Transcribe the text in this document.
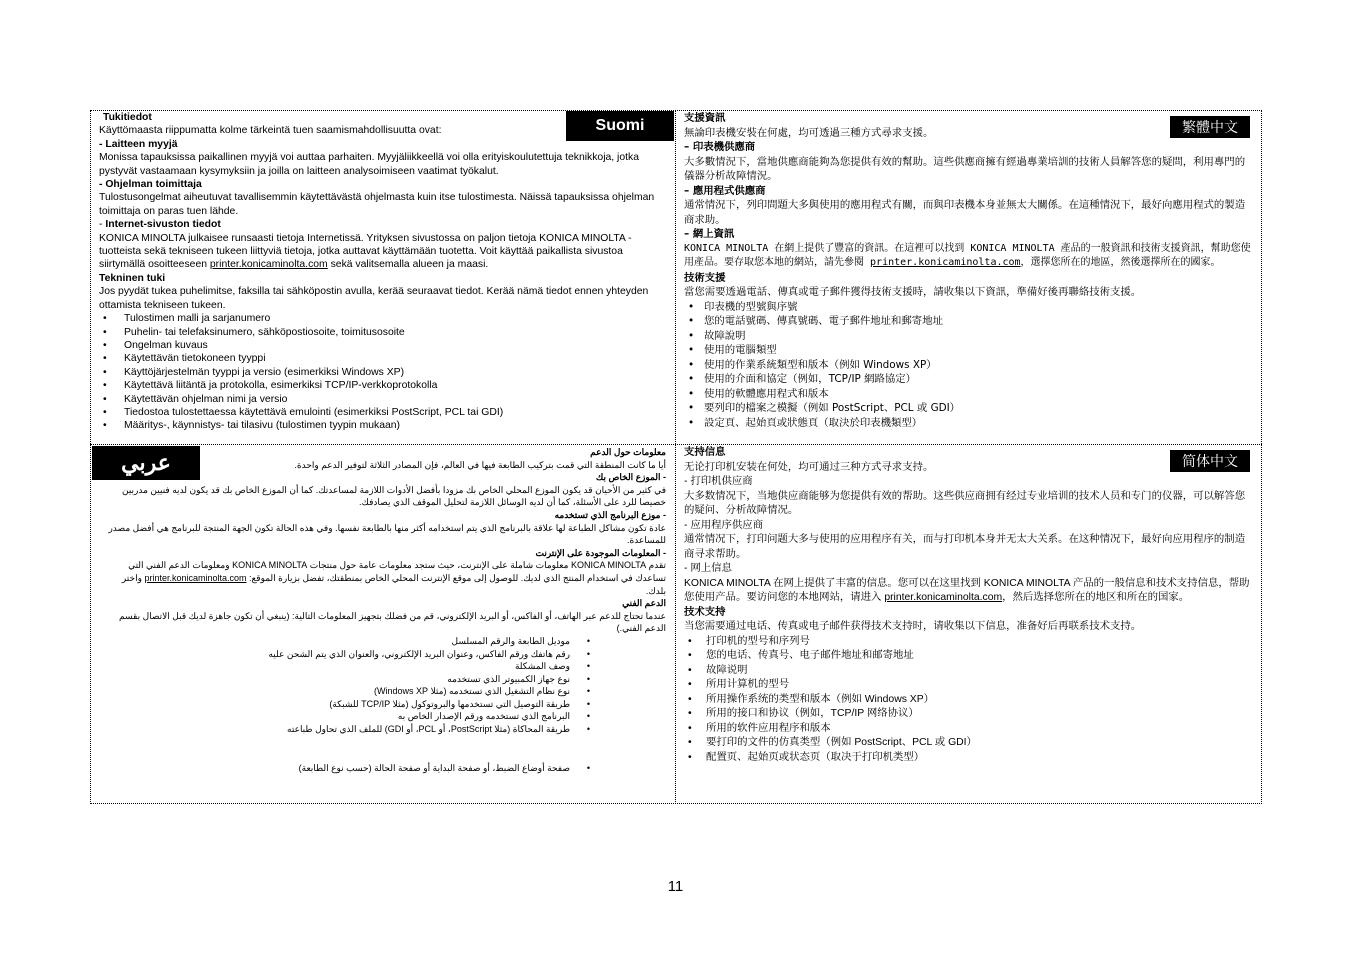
Suomi

Tukitiedot

Käyttömaasta riippumatta kolme tärkeintä tuen saamismahdollisuutta ovat:

- Laitteen myyjä

Monissa tapauksissa paikallinen myyjä voi auttaa parhaiten. Myyjäliikkeellä voi olla erityiskoulutettuja teknikkoja, jotka pystyvät vastaamaan kysymyksiin ja joilla on laitteen analysoimiseen vaatimat työkalut.

- Ohjelman toimittaja

Tulostusongelmat aiheutuvat tavallisemmin käytettävästä ohjelmasta kuin itse tulostimesta. Näissä tapauksissa ohjelman toimittaja on paras tuen lähde.

- Internet-sivuston tiedot

KONICA MINOLTA julkaisee runsaasti tietoja Internetissä. Yrityksen sivustossa on paljon tietoja KONICA MINOLTA -tuotteista sekä tekniseen tukeen liittyviä tietoja, jotka auttavat käyttämään tuotetta. Voit käyttää paikallista sivustoa siirtymällä osoitteeseen printer.konicaminolta.com sekä valitsemalla alueen ja maasi.

Tekninen tuki

Jos pyydät tukea puhelimitse, faksilla tai sähköpostin avulla, kerää seuraavat tiedot. Kerää nämä tiedot ennen yhteyden ottamista tekniseen tukeen.

• Tulostimen malli ja sarjanumero
• Puhelin- tai telefaksinumero, sähköpostiosoite, toimitusosoite
• Ongelman kuvaus
• Käytettävän tietokoneen tyyppi
• Käyttöjärjestelmän tyyppi ja versio (esimerkiksi Windows XP)
• Käytettävä liitäntä ja protokolla, esimerkiksi TCP/IP-verkkoprotokolla
• Käytettävän ohjelman nimi ja versio
• Tiedostoa tulostettaessa käytettävä emulointi (esimerkiksi PostScript, PCL tai GDI)
• Määritys-, käynnistys- tai tilasivu (tulostimen tyypin mukaan)
繁體中文

支援資訊

無論印表機安裝在何處，均可透過三種方式尋求支援。

– 印表機供應商

大多數情況下，當地供應商能夠為您提供有效的幫助。這些供應商擁有經過專業培訓的技術人員解答您的疑問，利用專門的儀器分析故障情況。

– 應用程式供應商

通常情況下，列印問題大多與使用的應用程式有關，而與印表機本身並無太大關係。在這種情況下，最好向應用程式的製造商求助。

– 網上資訊

KONICA MINOLTA 在網上提供了豐富的資訊。在這裡可以找到 KONICA MINOLTA 產品的一般資訊和技術支援資訊，幫助您使用產品。要存取您本地的網站，請先參閱 printer.konicaminolta.com，選擇您所在的地區，然後選擇所在的國家。

技術支援

當您需要透過電話、傳真或電子郵件獲得技術支援時，請收集以下資訊，準備好後再聯絡技術支援。

• 印表機的型號與序號
• 您的電話號碼、傳真號碼、電子郵件地址和郵寄地址
• 故障說明
• 使用的電腦類型
• 使用的作業系統類型和版本（例如 Windows XP）
• 使用的介面和協定（例如，TCP/IP 網路協定）
• 使用的軟體應用程式和版本
• 要列印的檔案之模擬（例如 PostScript、PCL 或 GDI）
• 設定頁、起始頁或狀態頁（取決於印表機類型）
عربي	معلومات حول الدعم

أيا ما كانت المنطقة التي قمت بتركيب الطابعة فيها في العالم، فإن المصادر الثلاثة لتوفير الدعم واحدة.

- الموزع الخاص بك

في كثير من الأحيان قد يكون الموزع المحلي الخاص بك مزودا بأفضل الأدوات اللازمة لمساعدتك. كما أن الموزع الخاص بك قد يكون لديه فنيين مدربين خصيصا للرد على الأسئلة، كما أن لديه الوسائل اللازمة لتحليل الموقف الذي يصادفك.

- موزع البرنامج الذي تستخدمه

عادة تكون مشاكل الطباعة لها علاقة بالبرنامج الذي يتم استخدامه أكثر منها بالطابعة نفسها. وفي هذه الحالة تكون الجهة المنتجة للبرنامج هي أفضل مصدر للمساعدة.

- المعلومات الموجودة على الإنترنت

تقدم KONICA MINOLTA معلومات شاملة على الإنترنت، حيث ستجد معلومات عامة حول منتجات KONICA MINOLTA ومعلومات الدعم الفني التي تساعدك في استخدام المنتج الذي لديك. للوصول إلى موقع الإنترنت المحلي الخاص بمنطقتك، تفضل بزيارة الموقع: printer.konicaminolta.com واختر بلدك.

الدعم الفني

عندما تحتاج للدعم عبر الهاتف، أو الفاكس، أو البريد الإلكتروني، قم من فضلك بتجهيز المعلومات التالية: (ينبغي أن تكون جاهزة لديك قبل الاتصال بقسم الدعم الفني.)

• موديل الطابعة والرقم المسلسل
• رقم هاتفك ورقم الفاكس، وعنوان البريد الإلكتروني، والعنوان الذي يتم الشحن عليه
• وصف المشكلة
• نوع جهاز الكمبيوتر الذي تستخدمه
• نوع نظام التشغيل الذي تستخدمه (مثلا Windows XP)
• طريقة التوصيل التي تستخدمها والبروتوكول (مثلا TCP/IP للشبكة)
• البرنامج الذي تستخدمه ورقم الإصدار الخاص به
• طريقة المحاكاة (مثلا PostScript، أو PCL، أو GDI) للملف الذي تحاول طباعته
• صفحة أوضاع الضبط، أو صفحة البداية أو صفحة الحالة (حسب نوع الطابعة)
简体中文

支持信息

无论打印机安装在何处，均可通过三种方式寻求支持。

- 打印机供应商

大多数情况下，当地供应商能够为您提供有效的帮助。这些供应商拥有经过专业培训的技术人员和专门的仪器，可以解答您的疑问、分析故障情况。

- 应用程序供应商

通常情况下，打印问题大多与使用的应用程序有关，而与打印机本身并无太大关系。在这种情况下，最好向应用程序的制造商寻求帮助。

- 网上信息

KONICA MINOLTA 在网上提供了丰富的信息。您可以在这里找到 KONICA MINOLTA 产品的一般信息和技术支持信息，帮助您使用产品。要访问您的本地网站，请进入 printer.konicaminolta.com，然后选择您所在的地区和所在的国家。

技术支持

当您需要通过电话、传真或电子邮件获得技术支持时，请收集以下信息，准备好后再联系技术支持。

• 打印机的型号和序列号
• 您的电话、传真号、电子邮件地址和邮寄地址
• 故障说明
• 所用计算机的型号
• 所用操作系统的类型和版本（例如 Windows XP）
• 所用的接口和协议（例如，TCP/IP 网络协议）
• 所用的软件应用程序和版本
• 要打印的文件的仿真类型（例如 PostScript、PCL 或 GDI）
• 配置页、起始页或状态页（取决于打印机类型）
11
